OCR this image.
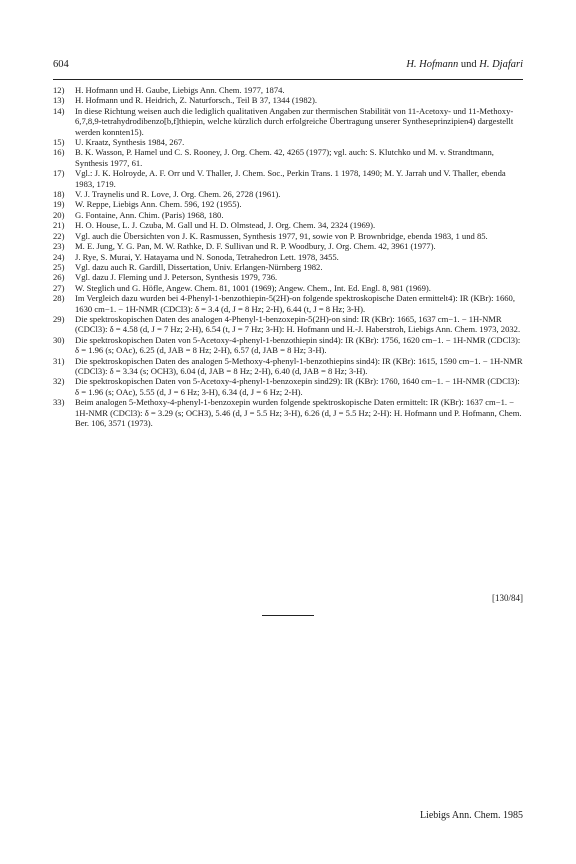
604	H. Hofmann und H. Djafari
12)	H. Hofmann und H. Gaube, Liebigs Ann. Chem. 1977, 1874.
13)	H. Hofmann und R. Heidrich, Z. Naturforsch., Teil B 37, 1344 (1982).
14)	In diese Richtung weisen auch die lediglich qualitativen Angaben zur thermischen Stabilität von 11-Acetoxy- und 11-Methoxy-6,7,8,9-tetrahydrodibenzo[b,f]thiepin, welche kürzlich durch erfolgreiche Übertragung unserer Syntheseprinzipien4) dargestellt werden konnten15).
15)	U. Kraatz, Synthesis 1984, 267.
16)	B. K. Wasson, P. Hamel und C. S. Rooney, J. Org. Chem. 42, 4265 (1977); vgl. auch: S. Klutchko und M. v. Strandtmann, Synthesis 1977, 61.
17)	Vgl.: J. K. Holroyde, A. F. Orr und V. Thaller, J. Chem. Soc., Perkin Trans. 1 1978, 1490; M. Y. Jarrah und V. Thaller, ebenda 1983, 1719.
18)	V. J. Traynelis und R. Love, J. Org. Chem. 26, 2728 (1961).
19)	W. Reppe, Liebigs Ann. Chem. 596, 192 (1955).
20)	G. Fontaine, Ann. Chim. (Paris) 1968, 180.
21)	H. O. House, L. J. Czuba, M. Gall und H. D. Olmstead, J. Org. Chem. 34, 2324 (1969).
22)	Vgl. auch die Übersichten von J. K. Rasmussen, Synthesis 1977, 91, sowie von P. Brownbridge, ebenda 1983, 1 und 85.
23)	M. E. Jung, Y. G. Pan, M. W. Rathke, D. F. Sullivan und R. P. Woodbury, J. Org. Chem. 42, 3961 (1977).
24)	J. Rye, S. Murai, Y. Hatayama und N. Sonoda, Tetrahedron Lett. 1978, 3455.
25)	Vgl. dazu auch R. Gardill, Dissertation, Univ. Erlangen-Nürnberg 1982.
26)	Vgl. dazu J. Fleming und J. Peterson, Synthesis 1979, 736.
27)	W. Steglich und G. Höfle, Angew. Chem. 81, 1001 (1969); Angew. Chem., Int. Ed. Engl. 8, 981 (1969).
28)	Im Vergleich dazu wurden bei 4-Phenyl-1-benzothiepin-5(2H)-on folgende spektroskopische Daten ermittelt4): IR (KBr): 1660, 1630 cm−1. − 1H-NMR (CDCl3): δ = 3.4 (d, J = 8 Hz; 2-H), 6.44 (t, J = 8 Hz; 3-H).
29)	Die spektroskopischen Daten des analogen 4-Phenyl-1-benzoxepin-5(2H)-on sind: IR (KBr): 1665, 1637 cm−1. − 1H-NMR (CDCl3): δ = 4.58 (d, J = 7 Hz; 2-H), 6.54 (t, J = 7 Hz; 3-H): H. Hofmann und H.-J. Haberstroh, Liebigs Ann. Chem. 1973, 2032.
30)	Die spektroskopischen Daten von 5-Acetoxy-4-phenyl-1-benzothiepin sind4): IR (KBr): 1756, 1620 cm−1. − 1H-NMR (CDCl3): δ = 1.96 (s; OAc), 6.25 (d, JAB = 8 Hz; 2-H), 6.57 (d, JAB = 8 Hz; 3-H).
31)	Die spektroskopischen Daten des analogen 5-Methoxy-4-phenyl-1-benzothiepins sind4): IR (KBr): 1615, 1590 cm−1. − 1H-NMR (CDCl3): δ = 3.34 (s; OCH3), 6.04 (d, JAB = 8 Hz; 2-H), 6.40 (d, JAB = 8 Hz; 3-H).
32)	Die spektroskopischen Daten von 5-Acetoxy-4-phenyl-1-benzoxepin sind29): IR (KBr): 1760, 1640 cm−1. − 1H-NMR (CDCl3): δ = 1.96 (s; OAc), 5.55 (d, J = 6 Hz; 3-H), 6.34 (d, J = 6 Hz; 2-H).
33)	Beim analogen 5-Methoxy-4-phenyl-1-benzoxepin wurden folgende spektroskopische Daten ermittelt: IR (KBr): 1637 cm−1. − 1H-NMR (CDCl3): δ = 3.29 (s; OCH3), 5.46 (d, J = 5.5 Hz; 3-H), 6.26 (d, J = 5.5 Hz; 2-H): H. Hofmann und P. Hofmann, Chem. Ber. 106, 3571 (1973).
[130/84]
Liebigs Ann. Chem. 1985
